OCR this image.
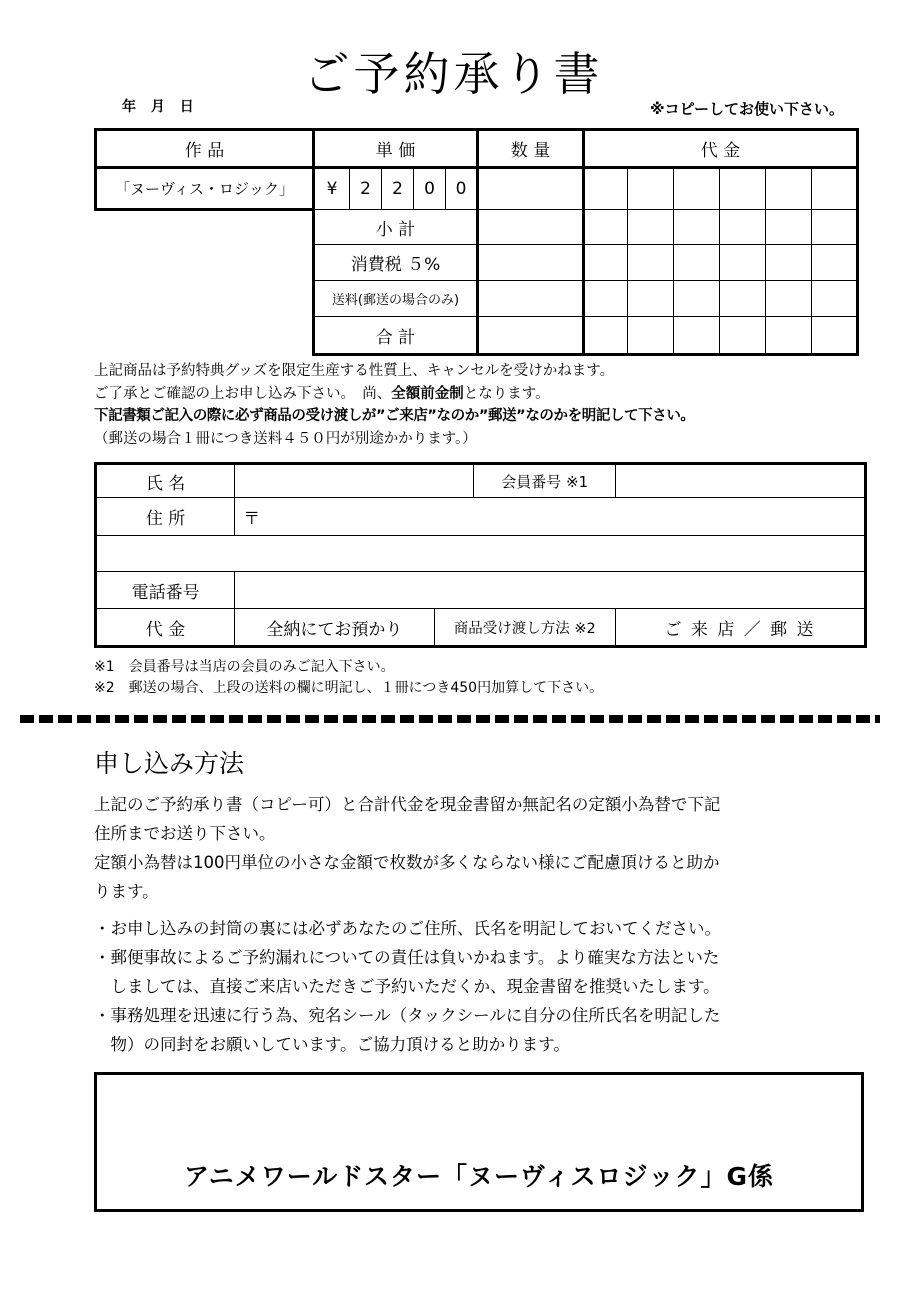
ご予約承り書
年 月 日	※コピーしてお使い下さい。
作 品	単 価					数 量	代 金					
「ヌーヴィス・ロジック」	¥	2	2	0	0							
	小 計											
	消費税 ５%											
	送料(郵送の場合のみ)											
	合 計											
上記商品は予約特典グッズを限定生産する性質上、キャンセルを受けかねます。
ご了承とご確認の上お申し込み下さい。　尚、全額前金制となります。
下記書類ご記入の際に必ず商品の受け渡しが”ご来店”なのか”郵送”なのかを明記して下さい。
（郵送の場合１冊につき送料４５０円が別途かかります。）
氏 名			会員番号 ※1	
住 所	〒			

電話番号				
代 金	全納にてお預かり	商品受け渡し方法 ※2		ご 来 店 ／ 郵 送
※1　会員番号は当店の会員のみご記入下さい。
※2　郵送の場合、上段の送料の欄に明記し、１冊につき450円加算して下さい。
申し込み方法
上記のご予約承り書（コピー可）と合計代金を現金書留か無記名の定額小為替で下記
住所までお送り下さい。
定額小為替は100円単位の小さな金額で枚数が多くならない様にご配慮頂けると助か
ります。
・お申し込みの封筒の裏には必ずあなたのご住所、氏名を明記しておいてください。
・郵便事故によるご予約漏れについての責任は負いかねます。より確実な方法といた
　しましては、直接ご来店いただきご予約いただくか、現金書留を推奨いたします。
・事務処理を迅速に行う為、宛名シール（タックシールに自分の住所氏名を明記した
　物）の同封をお願いしています。ご協力頂けると助かります。
アニメワールドスター「ヌーヴィスロジック」G係
